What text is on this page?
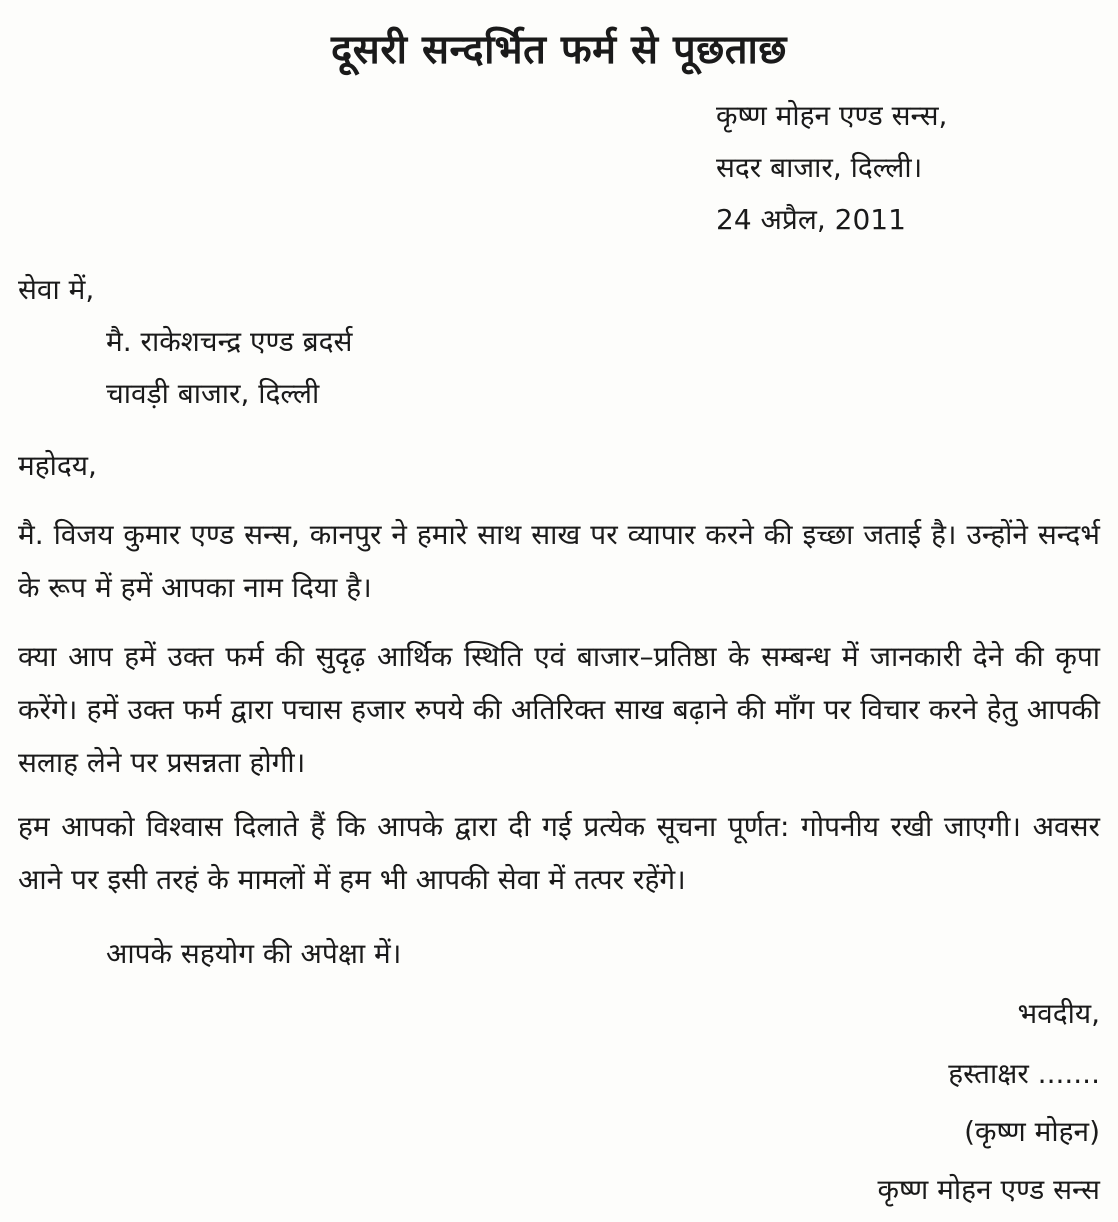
दूसरी सन्दर्भित फर्म से पूछताछ
कृष्ण मोहन एण्ड सन्स,
सदर बाजार, दिल्ली।
24 अप्रैल, 2011
सेवा में,
मै. राकेशचन्द्र एण्ड ब्रदर्स
चावड़ी बाजार, दिल्ली
महोदय,
मै. विजय कुमार एण्ड सन्स, कानपुर ने हमारे साथ साख पर व्यापार करने की इच्छा जताई है। उन्होंने सन्दर्भ के रूप में हमें आपका नाम दिया है।
क्या आप हमें उक्त फर्म की सुदृढ़ आर्थिक स्थिति एवं बाजार–प्रतिष्ठा के सम्बन्ध में जानकारी देने की कृपा करेंगे। हमें उक्त फर्म द्वारा पचास हजार रुपये की अतिरिक्त साख बढ़ाने की माँग पर विचार करने हेतु आपकी सलाह लेने पर प्रसन्नता होगी।
हम आपको विश्वास दिलाते हैं कि आपके द्वारा दी गई प्रत्येक सूचना पूर्णत: गोपनीय रखी जाएगी। अवसर आने पर इसी तरहं के मामलों में हम भी आपकी सेवा में तत्पर रहेंगे।
आपके सहयोग की अपेक्षा में।
भवदीय,
हस्ताक्षर .......
(कृष्ण मोहन)
कृष्ण मोहन एण्ड सन्स
